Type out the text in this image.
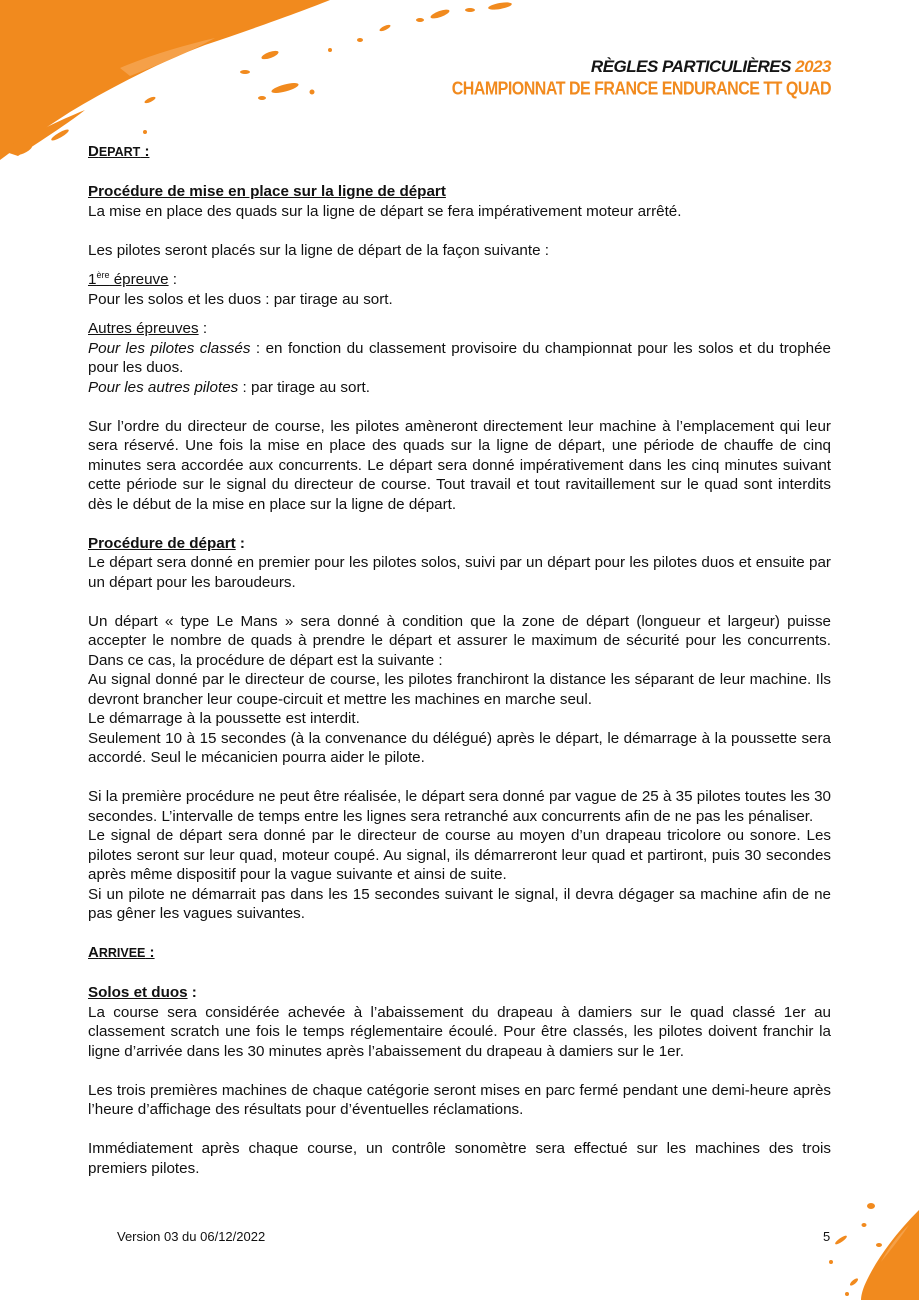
RÈGLES PARTICULIÈRES 2023
CHAMPIONNAT DE FRANCE ENDURANCE TT QUAD

DEPART :

Procédure de mise en place sur la ligne de départ

La mise en place des quads sur la ligne de départ se fera impérativement moteur arrêté.

Les pilotes seront placés sur la ligne de départ de la façon suivante :

1ère épreuve :

Pour les solos et les duos : par tirage au sort.

Autres épreuves :

Pour les pilotes classés : en fonction du classement provisoire du championnat pour les solos et du trophée pour les duos.

Pour les autres pilotes : par tirage au sort.

Sur l’ordre du directeur de course, les pilotes amèneront directement leur machine à l’emplacement qui leur sera réservé. Une fois la mise en place des quads sur la ligne de départ, une période de chauffe de cinq minutes sera accordée aux concurrents. Le départ sera donné impérativement dans les cinq minutes suivant cette période sur le signal du directeur de course. Tout travail et tout ravitaillement sur le quad sont interdits dès le début de la mise en place sur la ligne de départ.

Procédure de départ :

Le départ sera donné en premier pour les pilotes solos, suivi par un départ pour les pilotes duos et ensuite par un départ pour les baroudeurs.

Un départ « type Le Mans » sera donné à condition que la zone de départ (longueur et largeur) puisse accepter le nombre de quads à prendre le départ et assurer le maximum de sécurité pour les concurrents. Dans ce cas, la procédure de départ est la suivante :

Au signal donné par le directeur de course, les pilotes franchiront la distance les séparant de leur machine. Ils devront brancher leur coupe-circuit et mettre les machines en marche seul.

Le démarrage à la poussette est interdit.

Seulement 10 à 15 secondes (à la convenance du délégué) après le départ, le démarrage à la poussette sera accordé. Seul le mécanicien pourra aider le pilote.

Si la première procédure ne peut être réalisée, le départ sera donné par vague de 25 à 35 pilotes toutes les 30 secondes. L’intervalle de temps entre les lignes sera retranché aux concurrents afin de ne pas les pénaliser.

Le signal de départ sera donné par le directeur de course au moyen d’un drapeau tricolore ou sonore. Les pilotes seront sur leur quad, moteur coupé. Au signal, ils démarreront leur quad et partiront, puis 30 secondes après même dispositif pour la vague suivante et ainsi de suite.

Si un pilote ne démarrait pas dans les 15 secondes suivant le signal, il devra dégager sa machine afin de ne pas gêner les vagues suivantes.

ARRIVEE :

Solos et duos :

La course sera considérée achevée à l’abaissement du drapeau à damiers sur le quad classé 1er au classement scratch une fois le temps réglementaire écoulé. Pour être classés, les pilotes doivent franchir la ligne d’arrivée dans les 30 minutes après l’abaissement du drapeau à damiers sur le 1er.

Les trois premières machines de chaque catégorie seront mises en parc fermé pendant une demi-heure après l’heure d’affichage des résultats pour d’éventuelles réclamations.

Immédiatement après chaque course, un contrôle sonomètre sera effectué sur les machines des trois premiers pilotes.

Version 03 du 06/12/2022	5
